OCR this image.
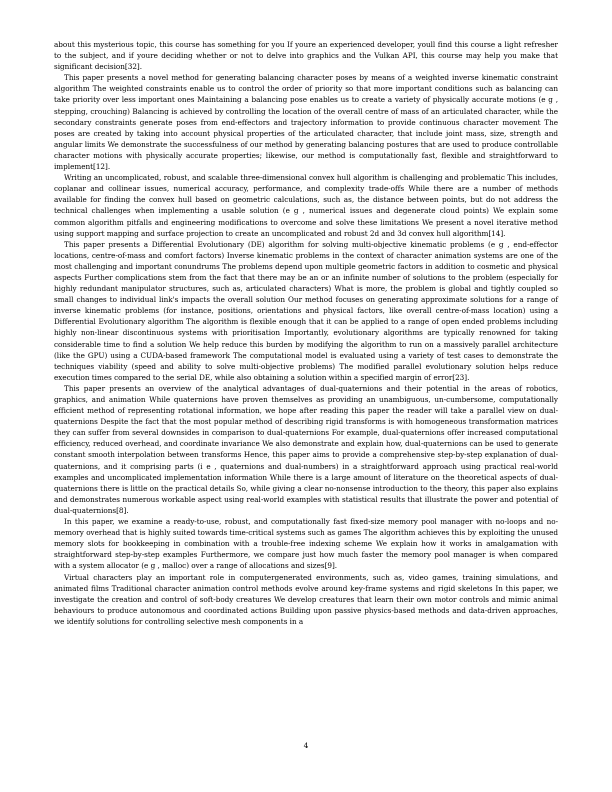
about this mysterious topic, this course has something for you If youre an experienced developer, youll find this course a light refresher to the subject, and if youre deciding whether or not to delve into graphics and the Vulkan API, this course may help you make that significant decision[32].

This paper presents a novel method for generating balancing character poses by means of a weighted inverse kinematic constraint algorithm The weighted constraints enable us to control the order of priority so that more important conditions such as balancing can take priority over less important ones Maintaining a balancing pose enables us to create a variety of physically accurate motions (e g , stepping, crouching) Balancing is achieved by controlling the location of the overall centre of mass of an articulated character, while the secondary constraints generate poses from end-effectors and trajectory information to provide continuous character movement The poses are created by taking into account physical properties of the articulated character, that include joint mass, size, strength and angular limits We demonstrate the successfulness of our method by generating balancing postures that are used to produce controllable character motions with physically accurate properties; likewise, our method is computationally fast, flexible and straightforward to implement[12].

Writing an uncomplicated, robust, and scalable three-dimensional convex hull algorithm is challenging and problematic This includes, coplanar and collinear issues, numerical accuracy, performance, and complexity trade-offs While there are a number of methods available for finding the convex hull based on geometric calculations, such as, the distance between points, but do not address the technical challenges when implementing a usable solution (e g , numerical issues and degenerate cloud points) We explain some common algorithm pitfalls and engineering modifications to overcome and solve these limitations We present a novel iterative method using support mapping and surface projection to create an uncomplicated and robust 2d and 3d convex hull algorithm[14].

This paper presents a Differential Evolutionary (DE) algorithm for solving multi-objective kinematic problems (e g , end-effector locations, centre-of-mass and comfort factors) Inverse kinematic problems in the context of character animation systems are one of the most challenging and important conundrums The problems depend upon multiple geometric factors in addition to cosmetic and physical aspects Further complications stem from the fact that there may be an or an infinite number of solutions to the problem (especially for highly redundant manipulator structures, such as, articulated characters) What is more, the problem is global and tightly coupled so small changes to individual link's impacts the overall solution Our method focuses on generating approximate solutions for a range of inverse kinematic problems (for instance, positions, orientations and physical factors, like overall centre-of-mass location) using a Differential Evolutionary algorithm The algorithm is flexible enough that it can be applied to a range of open ended problems including highly non-linear discontinuous systems with prioritisation Importantly, evolutionary algorithms are typically renowned for taking considerable time to find a solution We help reduce this burden by modifying the algorithm to run on a massively parallel architecture (like the GPU) using a CUDA-based framework The computational model is evaluated using a variety of test cases to demonstrate the techniques viability (speed and ability to solve multi-objective problems) The modified parallel evolutionary solution helps reduce execution times compared to the serial DE, while also obtaining a solution within a specified margin of error[23].

This paper presents an overview of the analytical advantages of dual-quaternions and their potential in the areas of robotics, graphics, and animation While quaternions have proven themselves as providing an unambiguous, un-cumbersome, computationally efficient method of representing rotational information, we hope after reading this paper the reader will take a parallel view on dual-quaternions Despite the fact that the most popular method of describing rigid transforms is with homogeneous transformation matrices they can suffer from several downsides in comparison to dual-quaternions For example, dual-quaternions offer increased computational efficiency, reduced overhead, and coordinate invariance We also demonstrate and explain how, dual-quaternions can be used to generate constant smooth interpolation between transforms Hence, this paper aims to provide a comprehensive step-by-step explanation of dual-quaternions, and it comprising parts (i e , quaternions and dual-numbers) in a straightforward approach using practical real-world examples and uncomplicated implementation information While there is a large amount of literature on the theoretical aspects of dual-quaternions there is little on the practical details So, while giving a clear no-nonsense introduction to the theory, this paper also explains and demonstrates numerous workable aspect using real-world examples with statistical results that illustrate the power and potential of dual-quaternions[8].

In this paper, we examine a ready-to-use, robust, and computationally fast fixed-size memory pool manager with no-loops and no-memory overhead that is highly suited towards time-critical systems such as games The algorithm achieves this by exploiting the unused memory slots for bookkeeping in combination with a trouble-free indexing scheme We explain how it works in amalgamation with straightforward step-by-step examples Furthermore, we compare just how much faster the memory pool manager is when compared with a system allocator (e g , malloc) over a range of allocations and sizes[9].

Virtual characters play an important role in computergenerated environments, such as, video games, training simulations, and animated films Traditional character animation control methods evolve around key-frame systems and rigid skeletons In this paper, we investigate the creation and control of soft-body creatures We develop creatures that learn their own motor controls and mimic animal behaviours to produce autonomous and coordinated actions Building upon passive physics-based methods and data-driven approaches, we identify solutions for controlling selective mesh components in a

4
